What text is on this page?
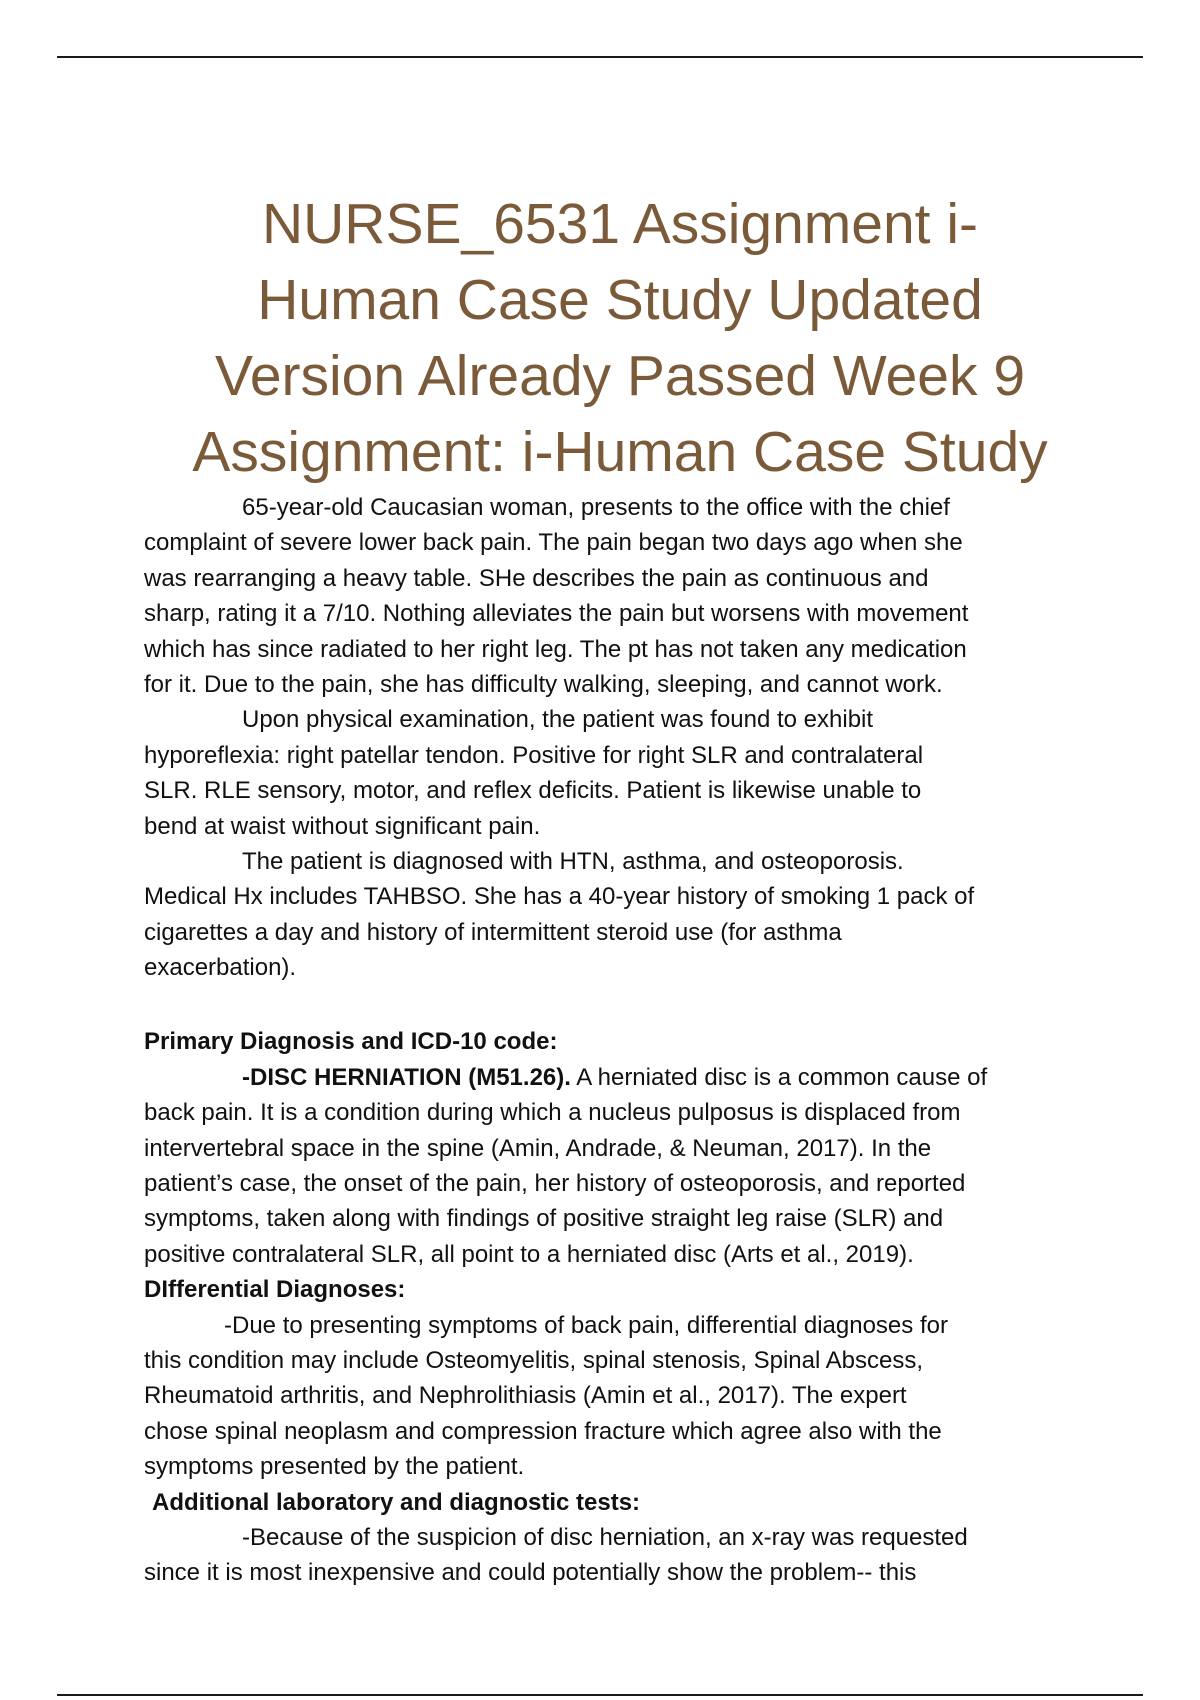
NURSE_6531 Assignment i-
Human Case Study Updated
Version Already Passed Week 9
Assignment: i-Human Case Study
65-year-old Caucasian woman, presents to the office with the chief
complaint of severe lower back pain. The pain began two days ago when she
was rearranging a heavy table. SHe describes the pain as continuous and
sharp, rating it a 7/10. Nothing alleviates the pain but worsens with movement
which has since radiated to her right leg. The pt has not taken any medication
for it. Due to the pain, she has difficulty walking, sleeping, and cannot work.
Upon physical examination, the patient was found to exhibit
hyporeflexia: right patellar tendon. Positive for right SLR and contralateral
SLR. RLE sensory, motor, and reflex deficits. Patient is likewise unable to
bend at waist without significant pain.
The patient is diagnosed with HTN, asthma, and osteoporosis.
Medical Hx includes TAHBSO. She has a 40-year history of smoking 1 pack of
cigarettes a day and history of intermittent steroid use (for asthma
exacerbation).
Primary Diagnosis and ICD-10 code:
-DISC HERNIATION (M51.26). A herniated disc is a common cause of
back pain. It is a condition during which a nucleus pulposus is displaced from
intervertebral space in the spine (Amin, Andrade, & Neuman, 2017). In the
patient’s case, the onset of the pain, her history of osteoporosis, and reported
symptoms, taken along with findings of positive straight leg raise (SLR) and
positive contralateral SLR, all point to a herniated disc (Arts et al., 2019).
DIfferential Diagnoses:
-Due to presenting symptoms of back pain, differential diagnoses for
this condition may include Osteomyelitis, spinal stenosis, Spinal Abscess,
Rheumatoid arthritis, and Nephrolithiasis (Amin et al., 2017). The expert
chose spinal neoplasm and compression fracture which agree also with the
symptoms presented by the patient.
Additional laboratory and diagnostic tests:
-Because of the suspicion of disc herniation, an x-ray was requested
since it is most inexpensive and could potentially show the problem-- this
